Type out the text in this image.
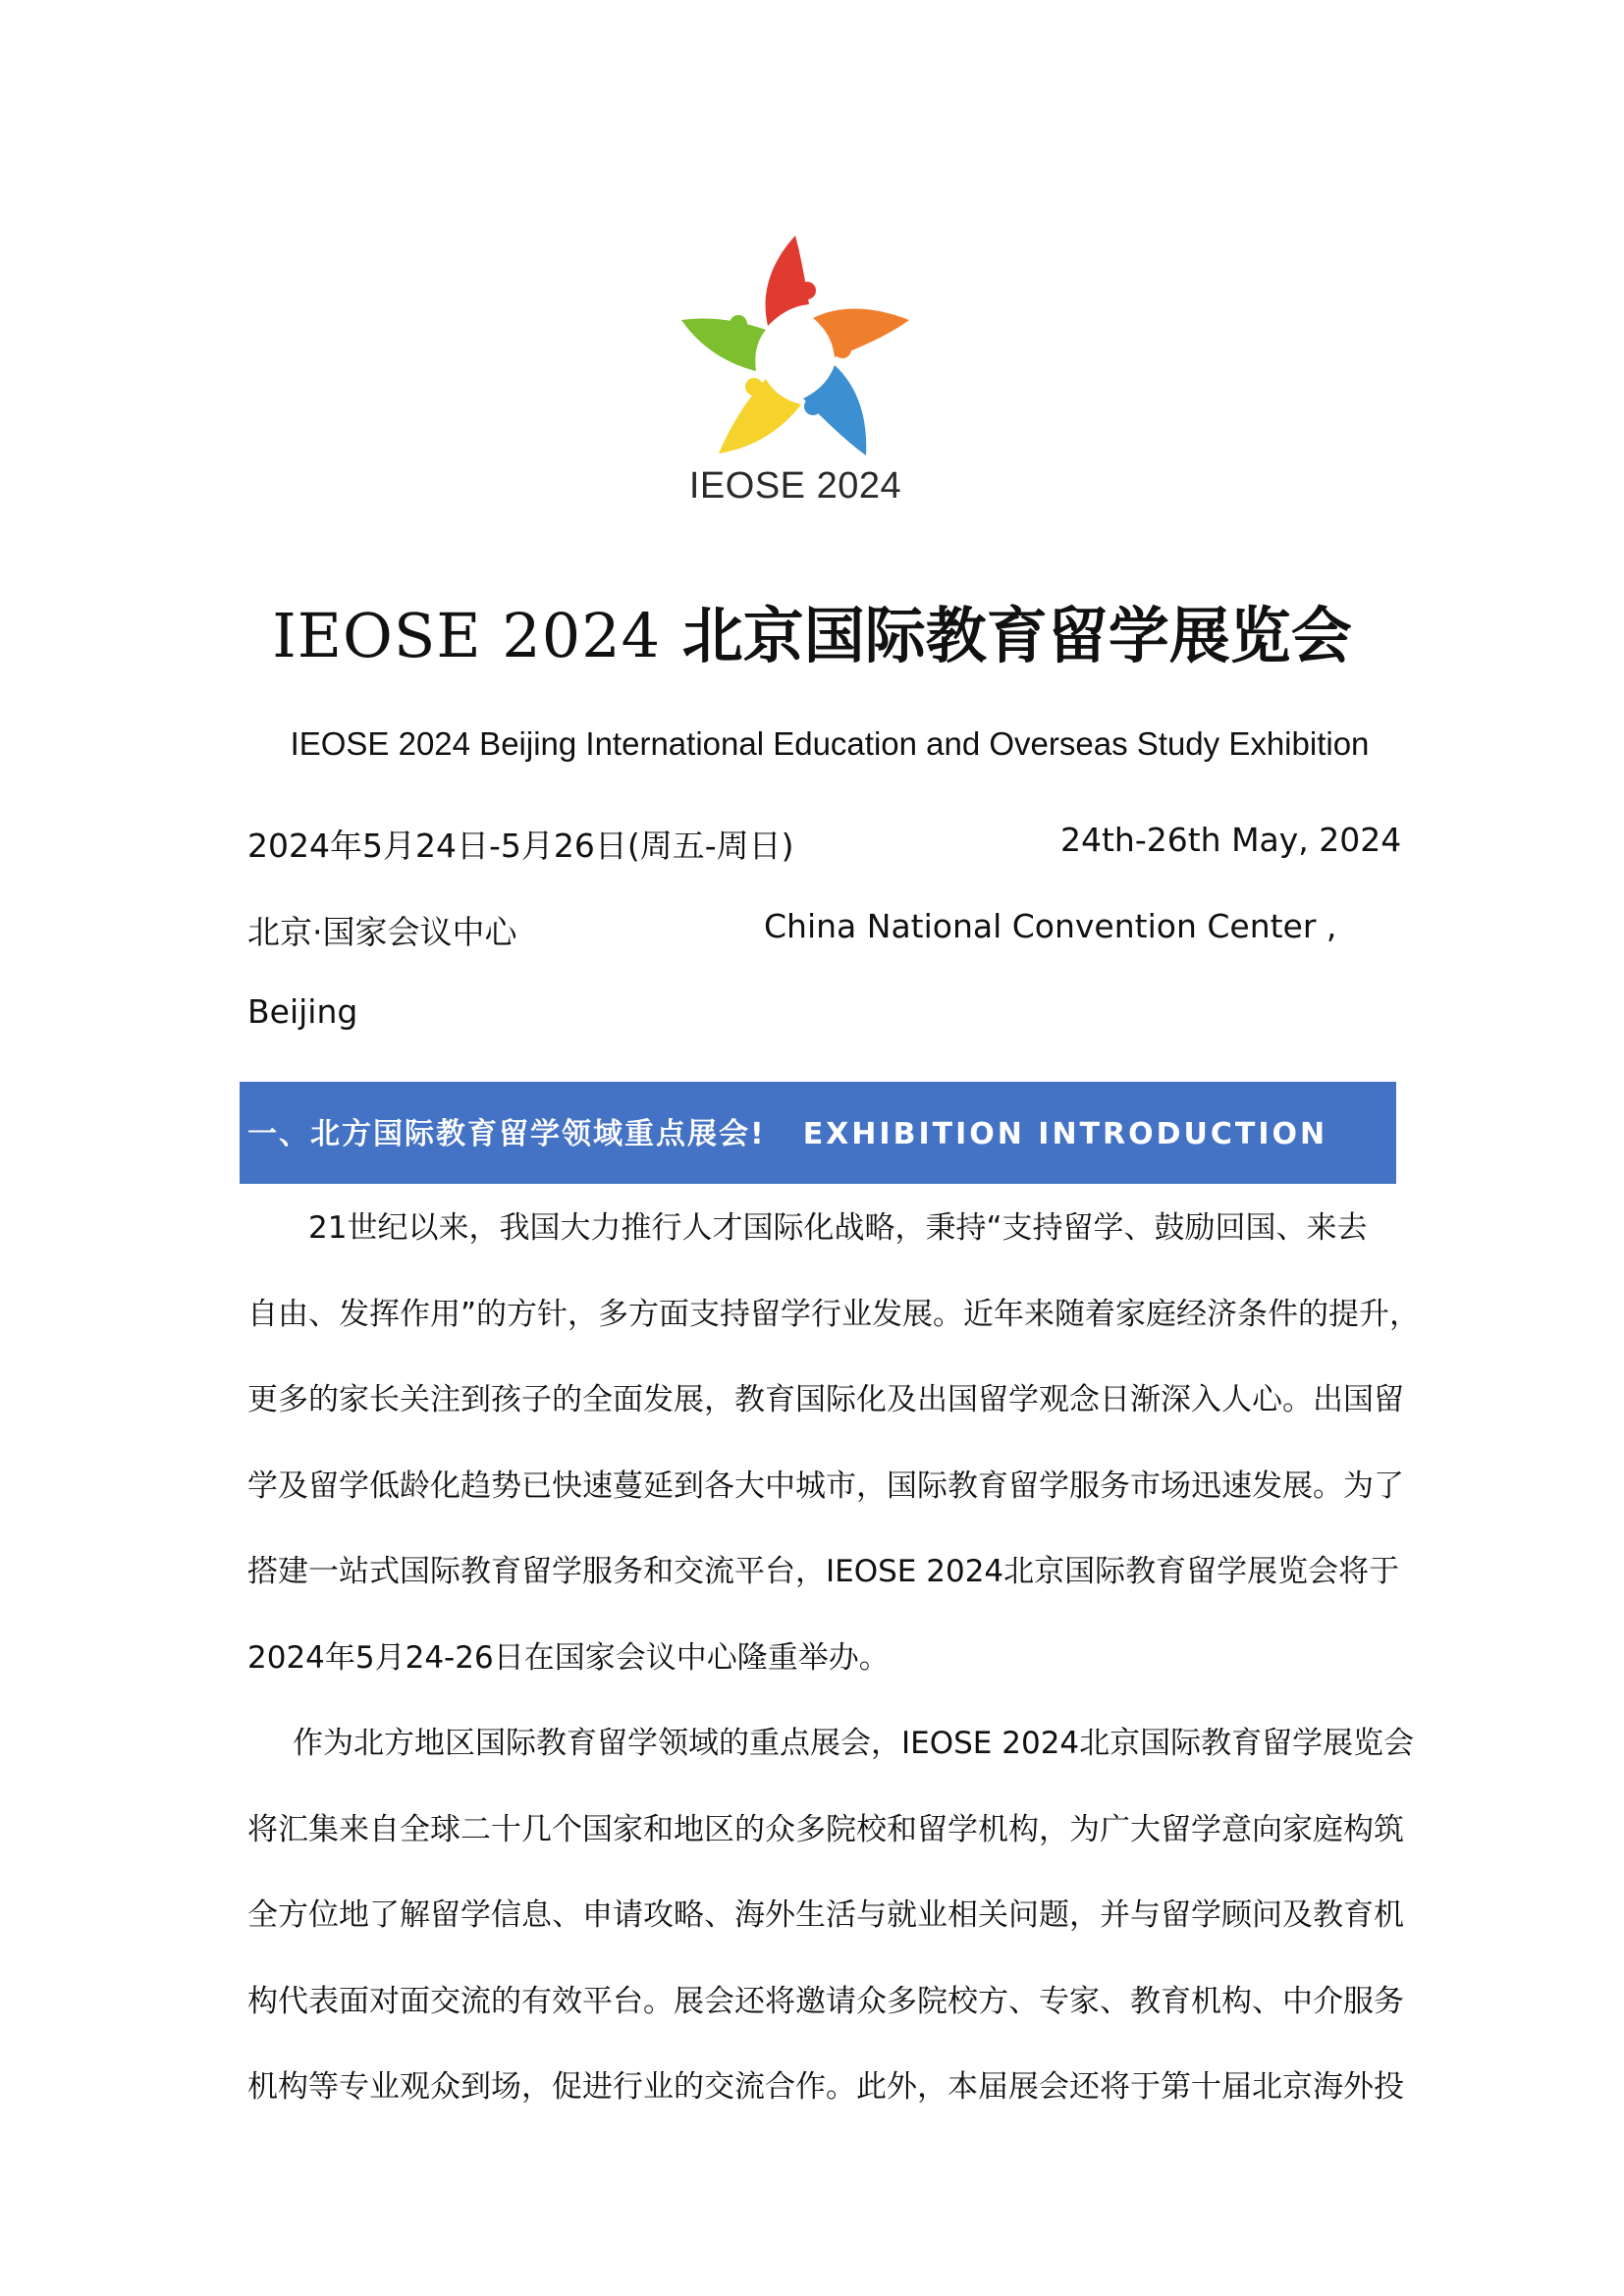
IEOSE 2024
IEOSE 2024 北京国际教育留学展览会
IEOSE 2024 Beijing International Education and Overseas Study Exhibition
2024年5月24日-5月26日(周五-周日)	24th-26th May, 2024
北京·国家会议中心	China National Convention Center ,
Beijing
一、北方国际教育留学领域重点展会! EXHIBITION INTRODUCTION
21世纪以来，我国大力推行人才国际化战略，秉持“支持留学、鼓励回国、来去
自由、发挥作用”的方针，多方面支持留学行业发展。近年来随着家庭经济条件的提升，
更多的家长关注到孩子的全面发展，教育国际化及出国留学观念日渐深入人心。出国留
学及留学低龄化趋势已快速蔓延到各大中城市，国际教育留学服务市场迅速发展。为了
搭建一站式国际教育留学服务和交流平台，IEOSE 2024北京国际教育留学展览会将于
2024年5月24-26日在国家会议中心隆重举办。
作为北方地区国际教育留学领域的重点展会，IEOSE 2024北京国际教育留学展览会
将汇集来自全球二十几个国家和地区的众多院校和留学机构，为广大留学意向家庭构筑
全方位地了解留学信息、申请攻略、海外生活与就业相关问题，并与留学顾问及教育机
构代表面对面交流的有效平台。展会还将邀请众多院校方、专家、教育机构、中介服务
机构等专业观众到场，促进行业的交流合作。此外，本届展会还将于第十届北京海外投
